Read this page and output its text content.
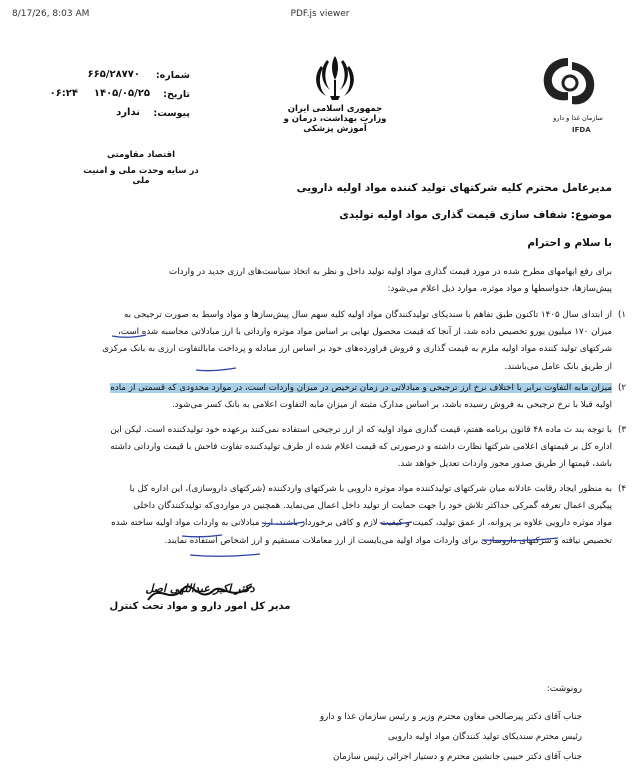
8/17/26, 8:03 AM	PDF.js viewer
شماره:
۶۶۵/۲۸۷۷۰
تاریخ:
۱۴۰۵/۰۵/۲۵
۰۶:۲۴
پیوست:
ندارد	جمهوری اسلامی ایران
وزارت بهداشت، درمان و آموزش پزشکی
سازمان غذا و دارو
IFDA
اقتصاد مقاومتی
در سایه وحدت ملی و امنیت ملی
مدیرعامل محترم کلیه شرکتهای تولید کننده مواد اولیه دارویی
موضوع: شفاف سازی قیمت گذاری مواد اولیه تولیدی
با سلام و احترام
برای رفع ابهامهای مطرح شده در مورد قیمت گذاری مواد اولیه تولید داخل و نظر به اتخاذ سیاست‌های ارزی جدید در واردات
پیش‌سازها، حدواسطها و مواد موثره، موارد ذیل اعلام می‌شود:
۱)
از ابتدای سال ۱۴۰۵ تاکنون طبق تفاهم با سندیکای تولیدکنندگان مواد اولیه کلیه سهم سال پیش‌سازها و مواد واسط به صورت ترجیحی به
میزان ۱۷۰ میلیون یورو تخصیص داده شد، از آنجا که قیمت محصول نهایی بر اساس مواد موثره وارداتی با ارز مبادلاتی محاسبه شده است،
شرکتهای تولید کننده مواد اولیه ملزم به قیمت گذاری و فروش فراورده‌های خود بر اساس ارز مبادله و پرداخت مابالتفاوت ارزی به بانک مرکزی
از طریق بانک عامل می‌باشند.
۲)
میزان مابه التفاوت برابر با اختلاف نرخ ارز ترجیحی و مبادلاتی در زمان ترخیص در میزان واردات است، در موارد محدودی که قسمتی از ماده
اولیه قبلا با نرخ ترجیحی به فروش رسیده باشد، بر اساس مدارک مثبته از میزان مابه التفاوت اعلامی به بانک کسر می‌شود.
۳)
با توجه بند ث ماده ۴۸ قانون برنامه هفتم، قیمت گذاری مواد اولیه که از ارز ترجیحی استفاده نمی‌کنند برعهده خود تولیدکننده است. لیکن این
اداره کل بر قیمتهای اعلامی شرکتها نظارت داشته و درصورتی که قیمت اعلام شده از طرف تولیدکننده تفاوت فاحش با قیمت وارداتی داشته
باشد، قیمتها از طریق صدور مجوز واردات تعدیل خواهد شد.
۴)
به منظور ایجاد رقابت عادلانه میان شرکتهای تولیدکننده مواد موثره دارویی با شرکتهای واردکننده (شرکتهای داروسازی)، این اداره کل با
پیگیری اعمال تعرفه گمرکی حداکثر تلاش خود را جهت حمایت از تولید داخل اعمال می‌نماید. همچنین در مواردی‌که تولیدکنندگان داخلی
مواد موثره دارویی علاوه بر پروانه، از عمق تولید، کمیت و کیفیت لازم و کافی برخوردار باشند، ارز مبادلاتی به واردات مواد اولیه ساخته شده
تخصیص نیافته و شرکتهای داروسازی برای واردات مواد اولیه می‌بایست از ارز معاملات مستقیم و ارز اشخاص استفاده نمایند.
دکتر اکبر عبداللهی اصل
مدیر کل امور دارو و مواد تحت کنترل
رونوشت:
جناب آقای دکتر پیرصالحی معاون محترم وزیر و رئیس سازمان غذا و دارو
رئیس محترم سندیکای تولید کنندگان مواد اولیه دارویی
جناب آقای دکتر حبیبی جانشین محترم و دستیار اجرائی رئیس سازمان
